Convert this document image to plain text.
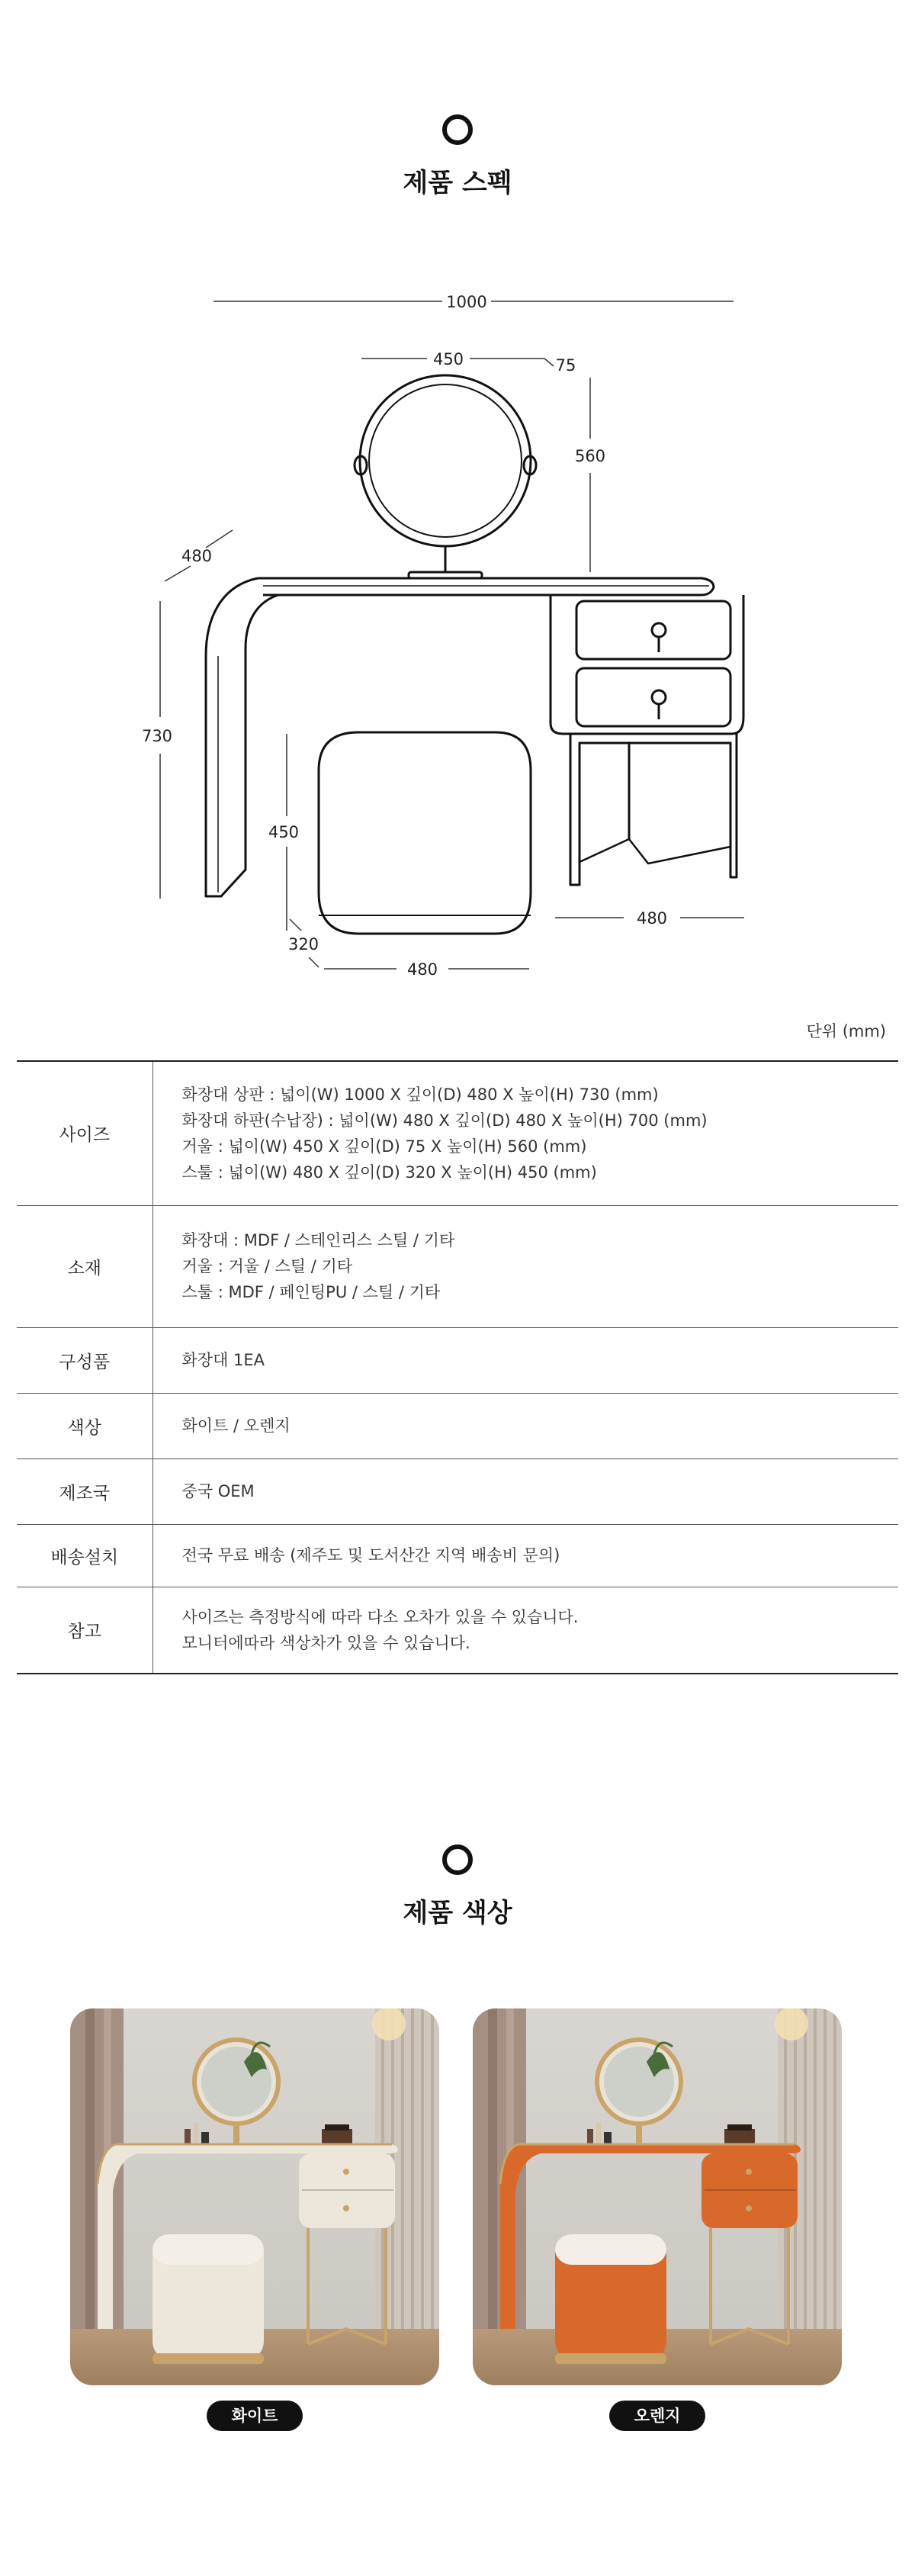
제품 스펙
1000
450	75
560
480
730
450
320
480
480
단위 (mm)
사이즈	화장대 상판 : 넓이(W) 1000 X 깊이(D) 480 X 높이(H) 730 (mm)
화장대 하판(수납장) : 넓이(W) 480 X 깊이(D) 480 X 높이(H) 700 (mm)
거울 : 넓이(W) 450 X 깊이(D) 75 X 높이(H) 560 (mm)
스툴 : 넓이(W) 480 X 깊이(D) 320 X 높이(H) 450 (mm)

소재	화장대 : MDF / 스테인리스 스틸 / 기타
거울 : 거울 / 스틸 / 기타
스툴 : MDF / 페인팅PU / 스틸 / 기타

구성품	화장대 1EA
색상	화이트 / 오렌지
제조국	중국 OEM
배송설치	전국 무료 배송 (제주도 및 도서산간 지역 배송비 문의)
참고	사이즈는 측정방식에 따라 다소 오차가 있을 수 있습니다.
모니터에따라 색상차가 있을 수 있습니다.
제품 색상
화이트	오렌지
